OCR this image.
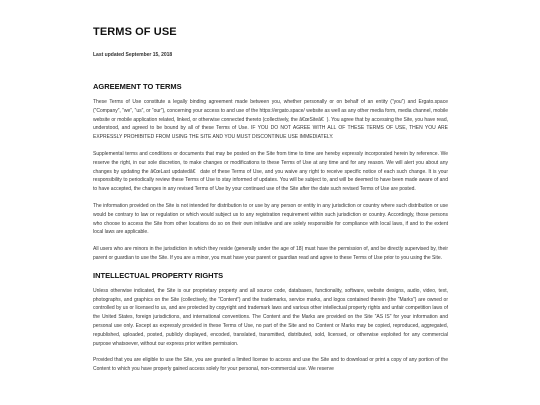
TERMS OF USE
Last updated September 15, 2018
AGREEMENT TO TERMS

These Terms of Use constitute a legally binding agreement made between you, whether personally or on behalf of an entity (“you”) and Ergato.space (“Company”, “we”, “us”, or “our”), concerning your access to and use of the https://ergato.space/ website as well as any other media form, media channel, mobile website or mobile application related, linked, or otherwise connected thereto (collectively, the â€œSiteâ€). You agree that by accessing the Site, you have read, understood, and agreed to be bound by all of these Terms of Use. IF YOU DO NOT AGREE WITH ALL OF THESE TERMS OF USE, THEN YOU ARE EXPRESSLY PROHIBITED FROM USING THE SITE AND YOU MUST DISCONTINUE USE IMMEDIATELY.

Supplemental terms and conditions or documents that may be posted on the Site from time to time are hereby expressly incorporated herein by reference. We reserve the right, in our sole discretion, to make changes or modifications to these Terms of Use at any time and for any reason. We will alert you about any changes by updating the â€œLast updatedâ€ date of these Terms of Use, and you waive any right to receive specific notice of each such change. It is your responsibility to periodically review these Terms of Use to stay informed of updates. You will be subject to, and will be deemed to have been made aware of and to have accepted, the changes in any revised Terms of Use by your continued use of the Site after the date such revised Terms of Use are posted.

The information provided on the Site is not intended for distribution to or use by any person or entity in any jurisdiction or country where such distribution or use would be contrary to law or regulation or which would subject us to any registration requirement within such jurisdiction or country. Accordingly, those persons who choose to access the Site from other locations do so on their own initiative and are solely responsible for compliance with local laws, if and to the extent local laws are applicable.

All users who are minors in the jurisdiction in which they reside (generally under the age of 18) must have the permission of, and be directly supervised by, their parent or guardian to use the Site. If you are a minor, you must have your parent or guardian read and agree to these Terms of Use prior to you using the Site.

INTELLECTUAL PROPERTY RIGHTS

Unless otherwise indicated, the Site is our proprietary property and all source code, databases, functionality, software, website designs, audio, video, text, photographs, and graphics on the Site (collectively, the “Content”) and the trademarks, service marks, and logos contained therein (the “Marks”) are owned or controlled by us or licensed to us, and are protected by copyright and trademark laws and various other intellectual property rights and unfair competition laws of the United States, foreign jurisdictions, and international conventions. The Content and the Marks are provided on the Site “AS IS” for your information and personal use only. Except as expressly provided in these Terms of Use, no part of the Site and no Content or Marks may be copied, reproduced, aggregated, republished, uploaded, posted, publicly displayed, encoded, translated, transmitted, distributed, sold, licensed, or otherwise exploited for any commercial purpose whatsoever, without our express prior written permission.

Provided that you are eligible to use the Site, you are granted a limited license to access and use the Site and to download or print a copy of any portion of the Content to which you have properly gained access solely for your personal, non-commercial use. We reserve
